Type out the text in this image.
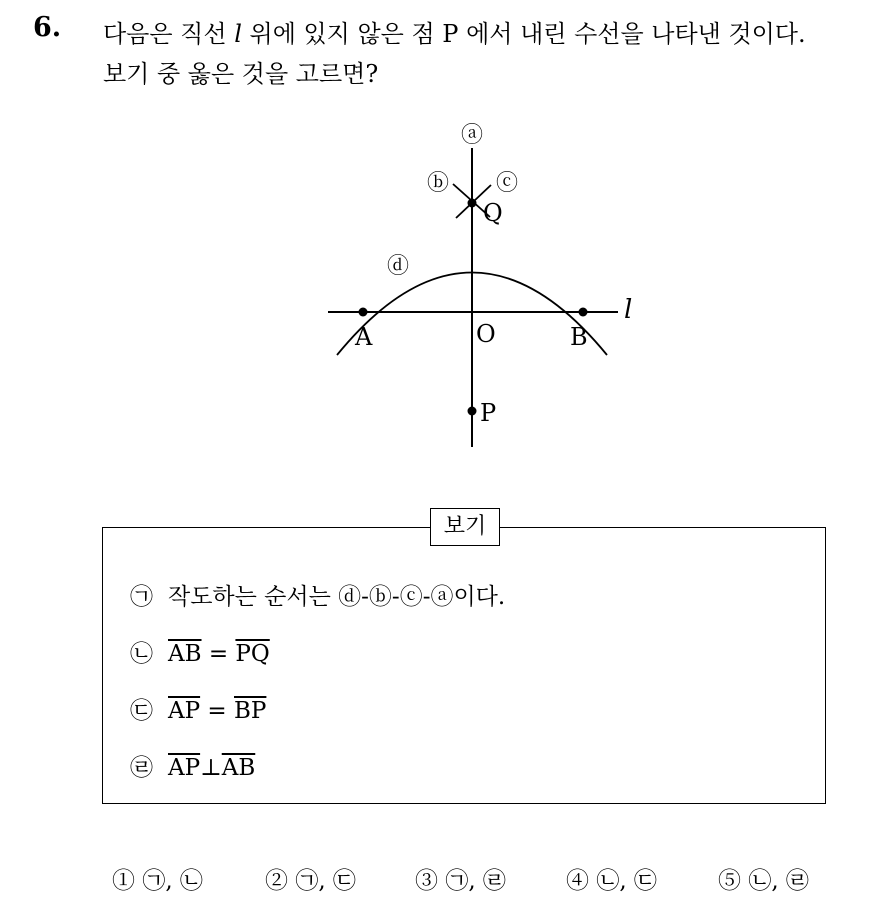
6. 다음은 직선 l 위에 있지 않은 점 P 에서 내린 수선을 나타낸 것이다.
보기 중 옳은 것을 고르면?
ⓐ
ⓑ ⓒ
ⓓ
Q
A	O	B
l
P
보기
㉠ 작도하는 순서는 ⓓ-ⓑ-ⓒ-ⓐ이다.
㉡ $\overline{AB} = \overline{PQ}$
㉢ $\overline{AP} = \overline{BP}$
㉣ $\overline{AP}\perp\overline{AB}$
① ㉠, ㉡	② ㉠, ㉢	③ ㉠, ㉣	④ ㉡, ㉢	⑤ ㉡, ㉣
